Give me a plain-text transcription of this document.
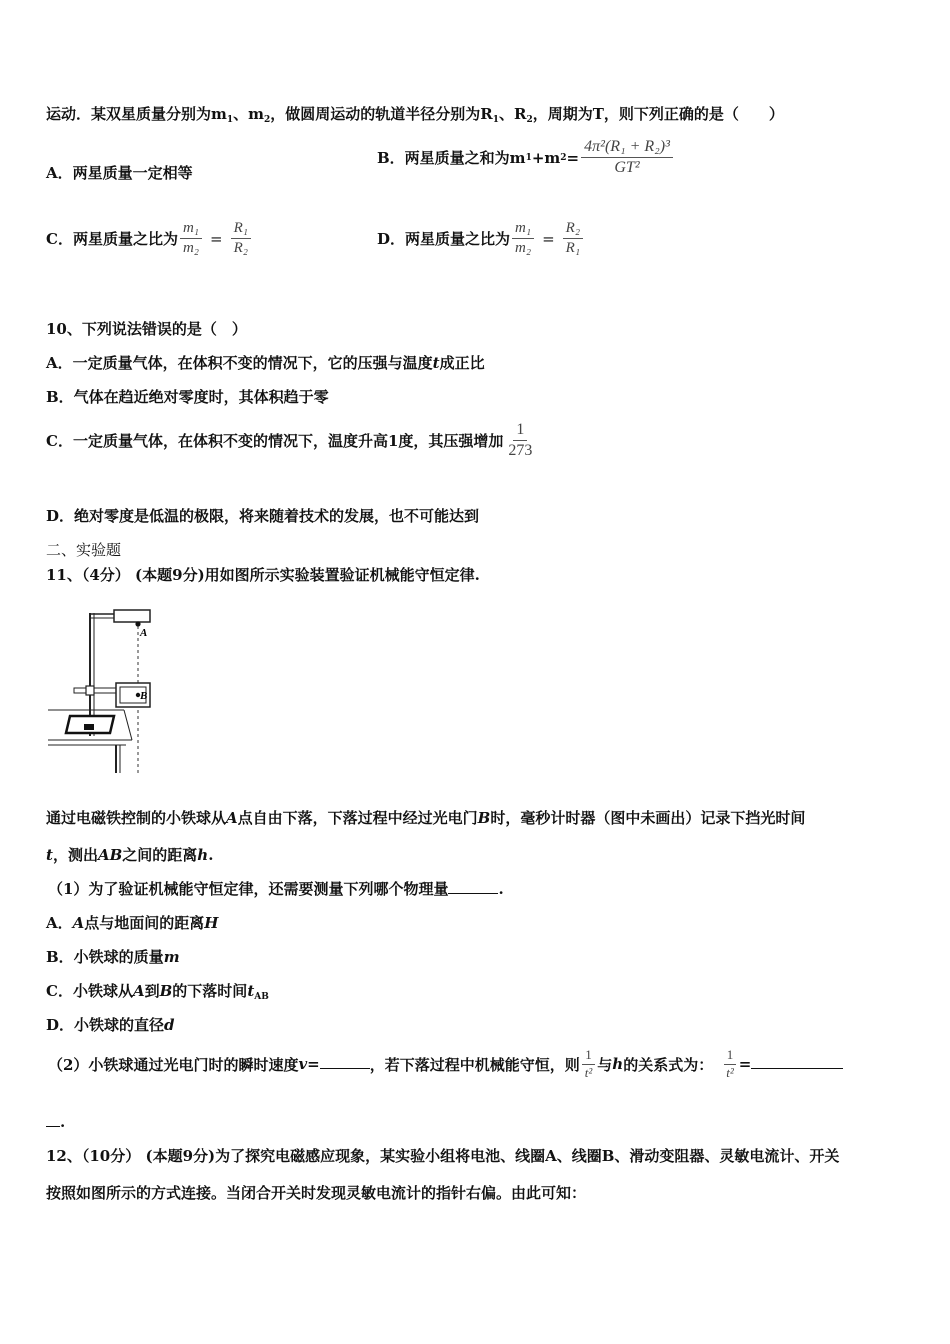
运动．某双星质量分别为$m_1$、$m_2$，做圆周运动的轨道半径分别为$R_1$、$R_2$，周期为T，则下列正确的是（　　）
A．两星质量一定相等
B．两星质量之和为m 1 +m $2 = \frac{\text{4π²(R₁ + R₂)³}}{\text{GT²}}$
C．两星质量之比为 $\frac{\text{m₁}}{\text{m₂}} = \frac{\text{R₁}}{\text{R₂}}$	D．两星质量之比为 $\frac{\text{m₁}}{\text{m₂}} = \frac{\text{R₂}}{\text{R₁}}$
10、下列说法错误的是（　）
A．一定质量气体，在体积不变的情况下，它的压强与温度t成正比
B．气体在趋近绝对零度时，其体积趋于零
C．一定质量气体，在体积不变的情况下，温度升高1度，其压强增加 $\frac{1}{273}$
D．绝对零度是低温的极限，将来随着技术的发展，也不可能达到
二、实验题
11、（4分） (本题9分)用如图所示实验装置验证机械能守恒定律.
A
B
通过电磁铁控制的小铁球从A点自由下落，下落过程中经过光电门B时，毫秒计时器（图中未画出）记录下挡光时间
t，测出AB之间的距离h.
（1）为了验证机械能守恒定律，还需要测量下列哪个物理量	.
A．A点与地面间的距离H
B．小铁球的质量m
C．小铁球从A到B的下落时间$t_{AB}$
D．小铁球的直径d
（2）小铁球通过光电门时的瞬时速度 v =	，若下落过程中机械能守恒，则 $\frac{1}{\text{t²}}$ 与 h 的关系式为： $\frac{1}{\text{t²}}$ =
.
12、（10分） (本题9分)为了探究电磁感应现象，某实验小组将电池、线圈A、线圈B、滑动变阻器、灵敏电流计、开关
按照如图所示的方式连接。当闭合开关时发现灵敏电流计的指针右偏。由此可知：
